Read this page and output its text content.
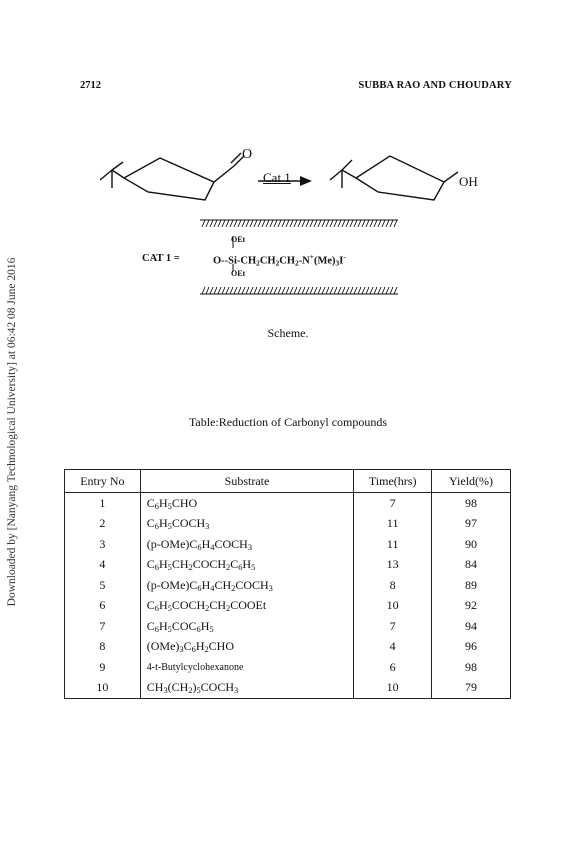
Downloaded by [Nanyang Technological University] at 06:42 08 June 2016
2712	SUBBA RAO AND CHOUDARY
O
Cat.1	OH
OEt
CAT 1 =	$O--Si-CH_2CH_2CH_2-N^+(Me)_3I^-$
OEt
Scheme.
Table:Reduction of Carbonyl compounds
Entry No	Substrate	Time(hrs)	Yield(%)
1	$C_6H_5CHO$	7	98
2	$C_6H_5COCH_3$	11	97
3	$(p-OMe)C_6H_4COCH_3$	11	90
4	$C_6H_5CH_2COCH_2C_6H_5$	13	84
5	$(p-OMe)C_6H_4CH_2COCH_3$	8	89
6	$C_6H_5COCH_2CH_2COOEt$	10	92
7	$C_6H_5COC_6H_5$	7	94
8	$(OMe)_3C_6H_2CHO$	4	96
9	4-t-Butylcyclohexanone	6	98
10	$CH_3(CH_2)_5COCH_3$	10	79
